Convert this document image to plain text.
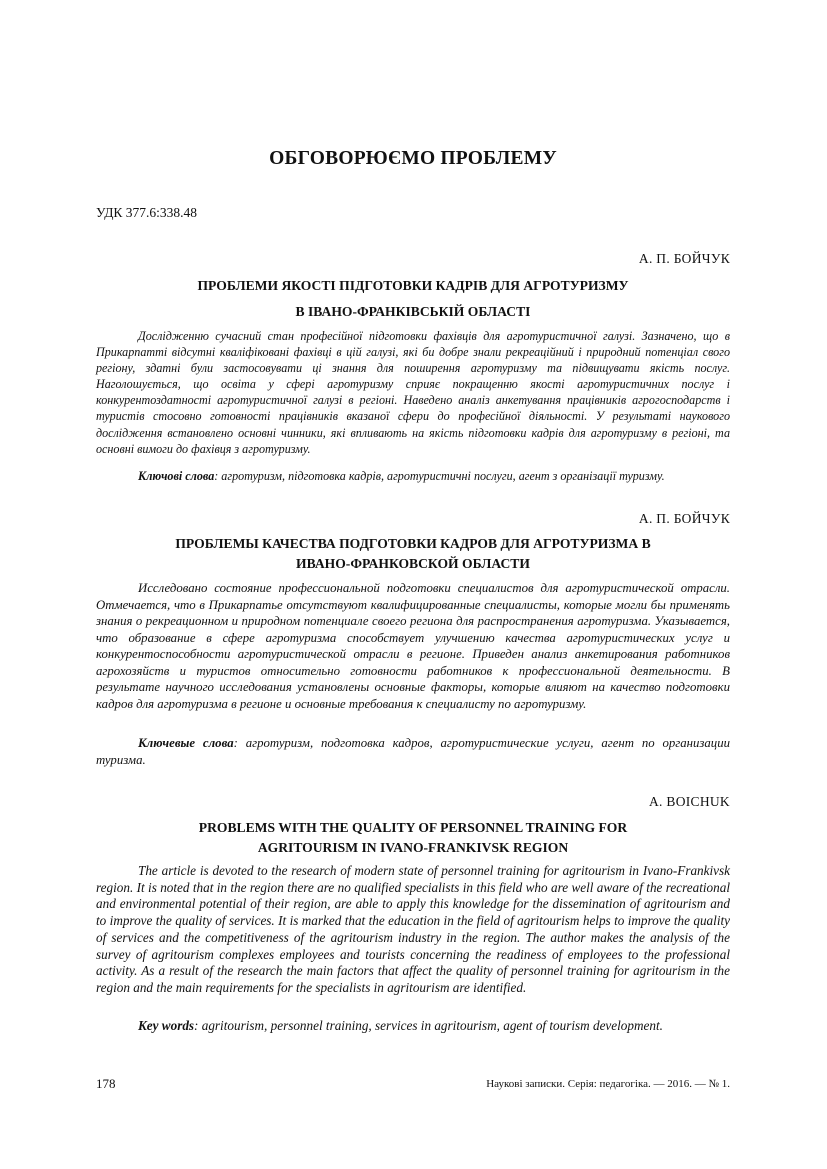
ОБГОВОРЮЄМО ПРОБЛЕМУ
УДК 377.6:338.48
А. П. БОЙЧУК
ПРОБЛЕМИ ЯКОСТІ ПІДГОТОВКИ КАДРІВ ДЛЯ АГРОТУРИЗМУ
В ІВАНО-ФРАНКІВСЬКІЙ ОБЛАСТІ

Дослідженню сучасний стан професійної підготовки фахівців для агротуристичної галузі. Зазначено, що в Прикарпатті відсутні кваліфіковані фахівці в цій галузі, які би добре знали рекреаційний і природний потенціал свого регіону, здатні були застосовувати ці знання для поширення агротуризму та підвищувати якість послуг. Наголошується, що освіта у сфері агротуризму сприяє покращенню якості агротуристичних послуг і конкурентоздатності агротуристичної галузі в регіоні. Наведено аналіз анкетування працівників агрогосподарств і туристів стосовно готовності працівників вказаної сфери до професійної діяльності. У результаті наукового дослідження встановлено основні чинники, які впливають на якість підготовки кадрів для агротуризму в регіоні, та основні вимоги до фахівця з агротуризму.

Ключові слова: агротуризм, підготовка кадрів, агротуристичні послуги, агент з організації туризму.

А. П. БОЙЧУК
ПРОБЛЕМЫ КАЧЕСТВА ПОДГОТОВКИ КАДРОВ ДЛЯ АГРОТУРИЗМА В
ИВАНО-ФРАНКОВСКОЙ ОБЛАСТИ

Исследовано состояние профессиональной подготовки специалистов для агротуристической отрасли. Отмечается, что в Прикарпатье отсутствуют квалифицированные специалисты, которые могли бы применять знания о рекреационном и природном потенциале своего региона для распространения агротуризма. Указывается, что образование в сфере агротуризма способствует улучшению качества агротуристических услуг и конкурентоспособности агротуристической отрасли в регионе. Приведен анализ анкетирования работников агрохозяйств и туристов относительно готовности работников к профессиональной деятельности. В результате научного исследования установлены основные факторы, которые влияют на качество подготовки кадров для агротуризма в регионе и основные требования к специалисту по агротуризму.

Ключевые слова: агротуризм, подготовка кадров, агротуристические услуги, агент по организации туризма.

A. BOICHUK
PROBLEMS WITH THE QUALITY OF PERSONNEL TRAINING FOR
AGRITOURISM IN IVANO-FRANKIVSK REGION

The article is devoted to the research of modern state of personnel training for agritourism in Ivano-Frankivsk region. It is noted that in the region there are no qualified specialists in this field who are well aware of the recreational and environmental potential of their region, are able to apply this knowledge for the dissemination of agritourism and to improve the quality of services. It is marked that the education in the field of agritourism helps to improve the quality of services and the competitiveness of the agritourism industry in the region. The author makes the analysis of the survey of agritourism complexes employees and tourists concerning the readiness of employees to the professional activity. As a result of the research the main factors that affect the quality of personnel training for agritourism in the region and the main requirements for the specialists in agritourism are identified.

Key words: agritourism, personnel training, services in agritourism, agent of tourism development.

178	Наукові записки. Серія: педагогіка. — 2016. — № 1.
